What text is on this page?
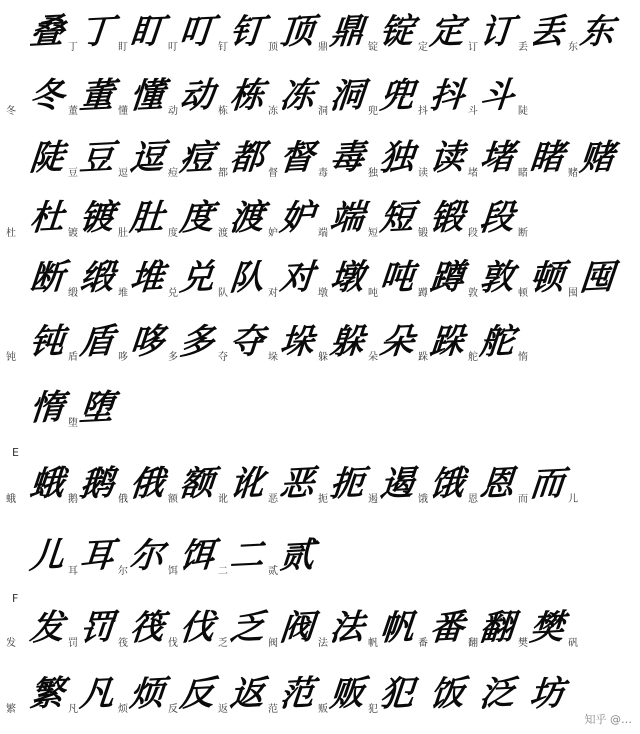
叠 丁 丁 盯 盯 叮 叮 钉 钉 顶 顶 鼎 鼎 锭 锭 定 定 订 订 丢 丢 东 东
冬 冬 董 董 懂 懂 动 动 栋 栋 冻 冻 洞 洞 兜 兜 抖 抖 斗 斗 陡
陡 豆 豆 逗 逗 痘 痘 都 都 督 督 毒 毒 独 独 读 读 堵 堵 睹 睹 赌 赌
杜 杜 镀 镀 肚 肚 度 度 渡 渡 妒 妒 端 端 短 短 锻 锻 段 段 断
断 缎 缎 堆 堆 兑 兑 队 队 对 对 墩 墩 吨 吨 蹲 蹲 敦 敦 顿 顿 囤 囤
钝 钝 盾 盾 哆 哆 多 多 夺 夺 垛 垛 躲 躲 朵 朵 跺 跺 舵 舵 惰
惰 堕 堕
蛾 蛾 鹅 鹅 俄 俄 额 额 讹 讹 恶 恶 扼 扼 遏 遏 饿 饿 恩 恩 而 而 儿
儿 耳 耳 尔 尔 饵 饵 二 二 贰 贰
发 发 罚 罚 筏 筏 伐 伐 乏 乏 阀 阀 法 法 帆 帆 番 番 翻 翻 樊 樊 矾
繁 繁 凡 凡 烦 烦 反 反 返 返 范 范 贩 贩 犯 犯 饭 泛 坊
E
F
知乎 @…
